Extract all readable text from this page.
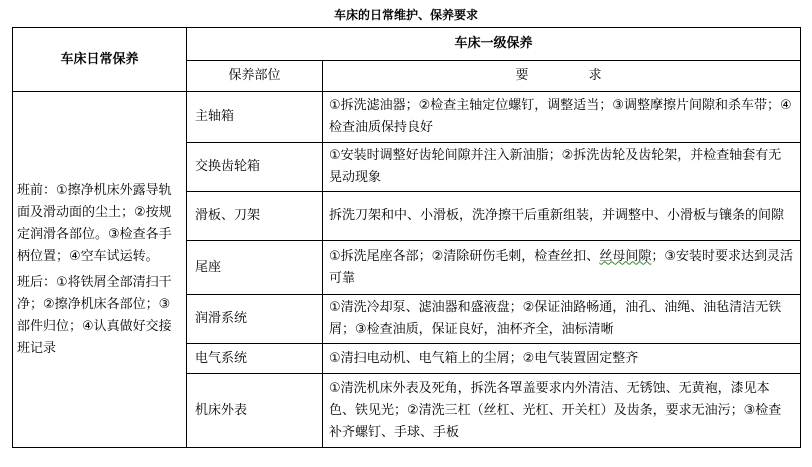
车床的日常维护、保养要求
车床日常保养	车床一级保养	
	保养部位	要 求

班前：①擦净机床外露导轨面及滑动面的尘土；②按规定润滑各部位。③检查各手柄位置；④空车试运转。

班后：①将铁屑全部清扫干净；②擦净机床各部位；③部件归位；④认真做好交接班记录	主轴箱	①拆洗滤油器；②检查主轴定位螺钉，调整适当；③调整摩擦片间隙和杀车带；④检查油质保持良好
	交换齿轮箱	①安装时调整好齿轮间隙并注入新油脂；②拆洗齿轮及齿轮架，并检查轴套有无晃动现象
	滑板、刀架	拆洗刀架和中、小滑板，洗净擦干后重新组装，并调整中、小滑板与镶条的间隙
	尾座	①拆洗尾座各部；②清除研伤毛刺，检查丝扣、丝母间隙；③安装时要求达到灵活可靠
	润滑系统	①清洗冷却泵、滤油器和盛液盘；②保证油路畅通，油孔、油绳、油毡清洁无铁屑；③检查油质，保证良好，油杯齐全，油标清晰
	电气系统	①清扫电动机、电气箱上的尘屑；②电气装置固定整齐
	机床外表	①清洗机床外表及死角，拆洗各罩盖要求内外清洁、无锈蚀、无黄袍，漆见本色、铁见光；②清洗三杠（丝杠、光杠、开关杠）及齿条，要求无油污；③检查补齐螺钉、手球、手板
